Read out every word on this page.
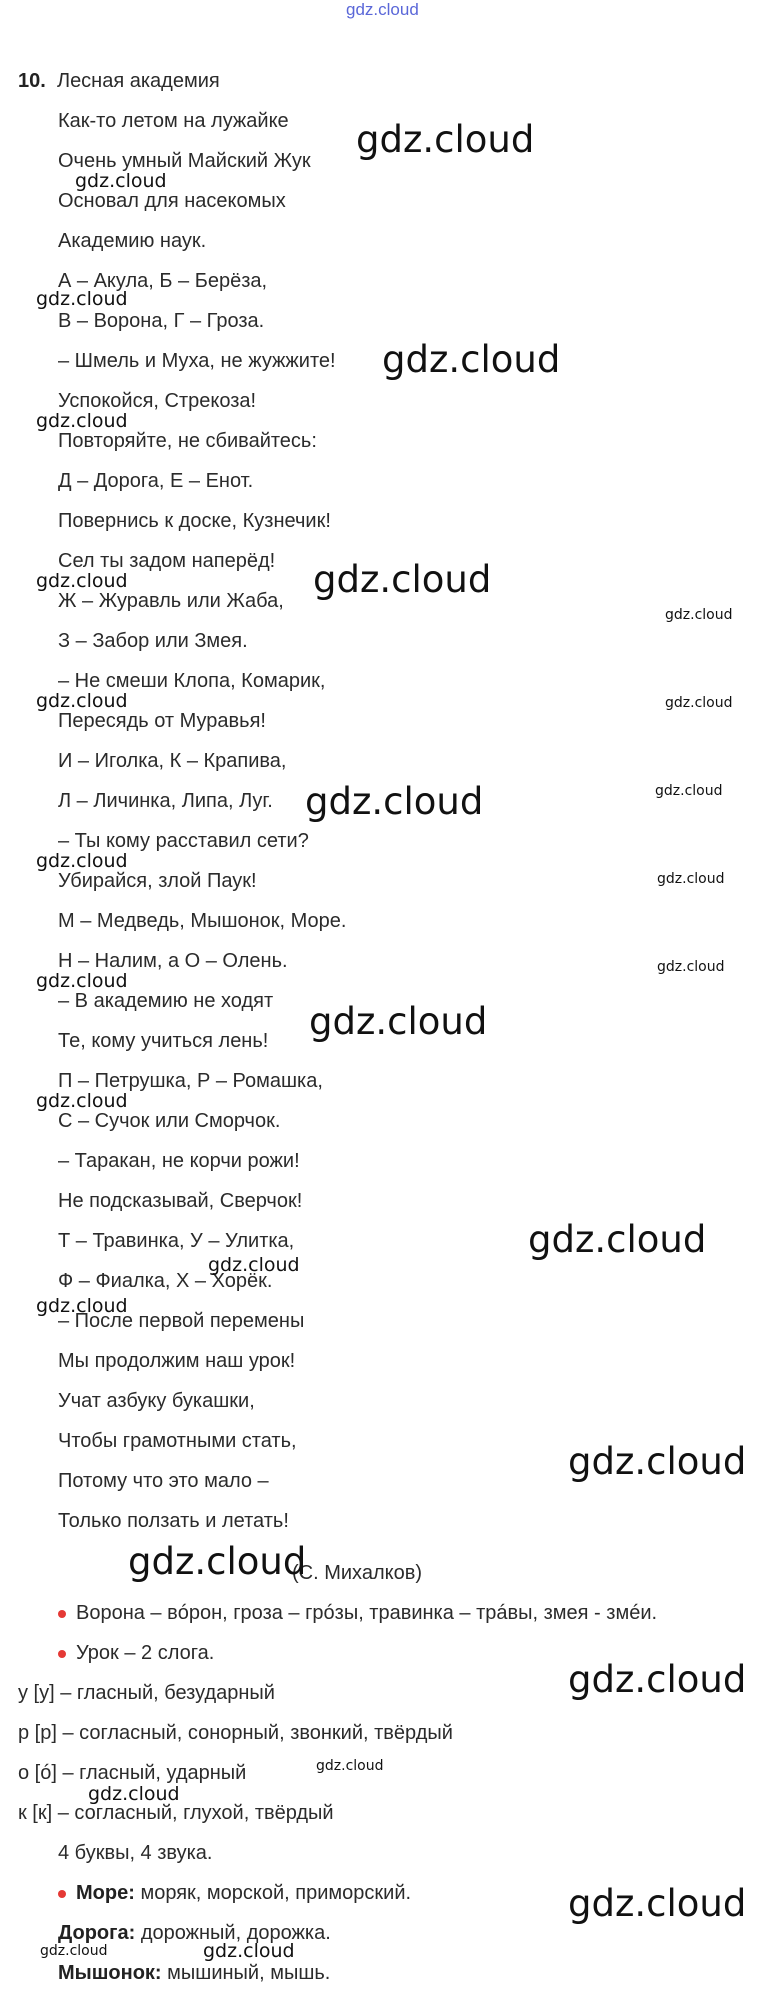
gdz.cloud
10. Лесная академия
Как-то летом на лужайке
Очень умный Майский Жук
Основал для насекомых
Академию наук.
А – Акула, Б – Берёза,
В – Ворона, Г – Гроза.
– Шмель и Муха, не жужжите!
Успокойся, Стрекоза!
Повторяйте, не сбивайтесь:
Д – Дорога, Е – Енот.
Повернись к доске, Кузнечик!
Сел ты задом наперёд!
Ж – Журавль или Жаба,
З – Забор или Змея.
– Не смеши Клопа, Комарик,
Пересядь от Муравья!
И – Иголка, К – Крапива,
Л – Личинка, Липа, Луг.
– Ты кому расставил сети?
Убирайся, злой Паук!
М – Медведь, Мышонок, Море.
Н – Налим, а О – Олень.
– В академию не ходят
Те, кому учиться лень!
П – Петрушка, Р – Ромашка,
С – Сучок или Сморчок.
– Таракан, не корчи рожи!
Не подсказывай, Сверчок!
Т – Травинка, У – Улитка,
Ф – Фиалка, Х – Хорёк.
– После первой перемены
Мы продолжим наш урок!
Учат азбуку букашки,
Чтобы грамотными стать,
Потому что это мало –
Только ползать и летать!
(С. Михалков)
Ворона – вóрон, гроза – грóзы, травинка – трáвы, змея - змéи.
Урок – 2 слога.
у [у] – гласный, безударный
р [р] – согласный, сонорный, звонкий, твёрдый
о [ó] – гласный, ударный
к [к] – согласный, глухой, твёрдый
4 буквы, 4 звука.
Море: моряк, морской, приморский.
Дорога: дорожный, дорожка.
Мышонок: мышиный, мышь.
gdz.cloud
gdz.cloud
gdz.cloud
gdz.cloud
gdz.cloud
gdz.cloud	gdz.cloud
gdz.cloud
gdz.cloud	gdz.cloud
gdz.cloud	gdz.cloud
gdz.cloud
gdz.cloud
gdz.cloud
gdz.cloud
gdz.cloud
gdz.cloud
gdz.cloud
gdz.cloud
gdz.cloud
gdz.cloud
gdz.cloud
gdz.cloud
gdz.cloud
gdz.cloud
gdz.cloud
gdz.cloud	gdz.cloud
